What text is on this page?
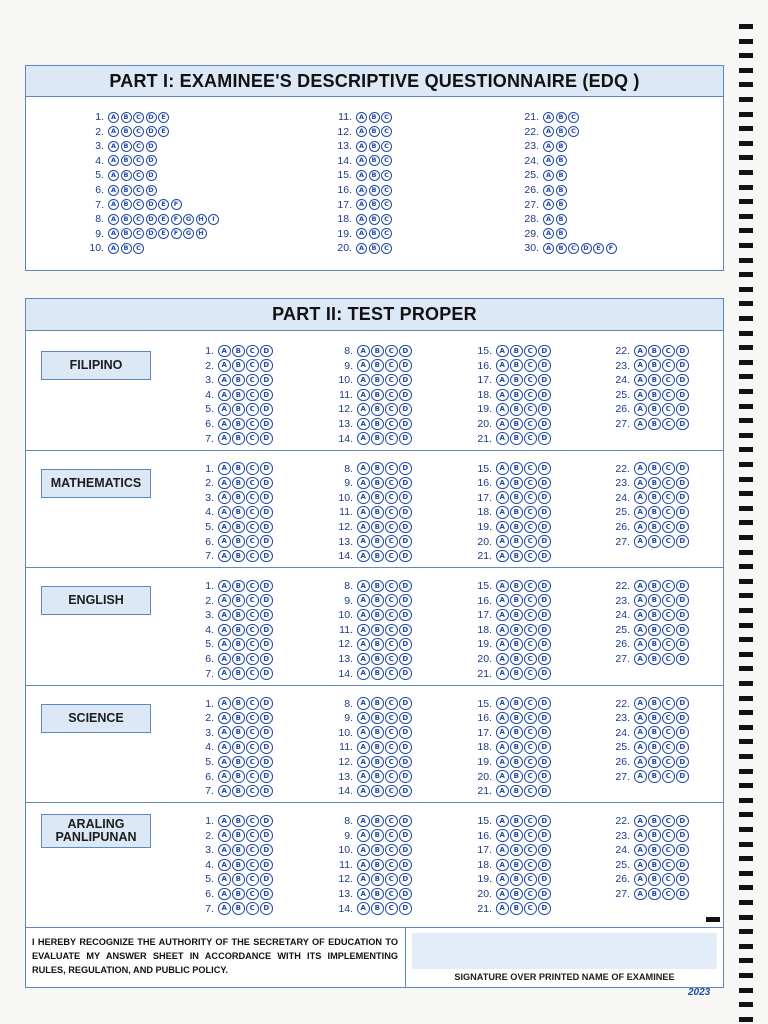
PART I: EXAMINEE'S DESCRIPTIVE QUESTIONNAIRE (EDQ )
1.	A	B	C	D	E
2.	A	B	C	D	E
3.	A	B	C	D
4.	A	B	C	D
5.	A	B	C	D
6.	A	B	C	D
7.	A	B	C	D	E	F
8.	A	B	C	D	E	F	G	H	I
9.	A	B	C	D	E	F	G	H
10.	A	B	C
11.	A	B	C
12.	A	B	C
13.	A	B	C
14.	A	B	C
15.	A	B	C
16.	A	B	C
17.	A	B	C
18.	A	B	C
19.	A	B	C
20.	A	B	C
21.	A	B	C
22.	A	B	C
23.	A	B
24.	A	B
25.	A	B
26.	A	B
27.	A	B
28.	A	B
29.	A	B
30.	A	B	C	D	E	F
PART II: TEST PROPER
FILIPINO
1.	A	B	C	D
2.	A	B	C	D
3.	A	B	C	D
4.	A	B	C	D
5.	A	B	C	D
6.	A	B	C	D
7.	A	B	C	D
8.	A	B	C	D
9.	A	B	C	D
10.	A	B	C	D
11.	A	B	C	D
12.	A	B	C	D
13.	A	B	C	D
14.	A	B	C	D
15.	A	B	C	D
16.	A	B	C	D
17.	A	B	C	D
18.	A	B	C	D
19.	A	B	C	D
20.	A	B	C	D
21.	A	B	C	D
22.	A	B	C	D
23.	A	B	C	D
24.	A	B	C	D
25.	A	B	C	D
26.	A	B	C	D
27.	A	B	C	D
MATHEMATICS
1.	A	B	C	D
2.	A	B	C	D
3.	A	B	C	D
4.	A	B	C	D
5.	A	B	C	D
6.	A	B	C	D
7.	A	B	C	D
8.	A	B	C	D
9.	A	B	C	D
10.	A	B	C	D
11.	A	B	C	D
12.	A	B	C	D
13.	A	B	C	D
14.	A	B	C	D
15.	A	B	C	D
16.	A	B	C	D
17.	A	B	C	D
18.	A	B	C	D
19.	A	B	C	D
20.	A	B	C	D
21.	A	B	C	D
22.	A	B	C	D
23.	A	B	C	D
24.	A	B	C	D
25.	A	B	C	D
26.	A	B	C	D
27.	A	B	C	D
ENGLISH
1.	A	B	C	D
2.	A	B	C	D
3.	A	B	C	D
4.	A	B	C	D
5.	A	B	C	D
6.	A	B	C	D
7.	A	B	C	D
8.	A	B	C	D
9.	A	B	C	D
10.	A	B	C	D
11.	A	B	C	D
12.	A	B	C	D
13.	A	B	C	D
14.	A	B	C	D
15.	A	B	C	D
16.	A	B	C	D
17.	A	B	C	D
18.	A	B	C	D
19.	A	B	C	D
20.	A	B	C	D
21.	A	B	C	D
22.	A	B	C	D
23.	A	B	C	D
24.	A	B	C	D
25.	A	B	C	D
26.	A	B	C	D
27.	A	B	C	D
SCIENCE
1.	A	B	C	D
2.	A	B	C	D
3.	A	B	C	D
4.	A	B	C	D
5.	A	B	C	D
6.	A	B	C	D
7.	A	B	C	D
8.	A	B	C	D
9.	A	B	C	D
10.	A	B	C	D
11.	A	B	C	D
12.	A	B	C	D
13.	A	B	C	D
14.	A	B	C	D
15.	A	B	C	D
16.	A	B	C	D
17.	A	B	C	D
18.	A	B	C	D
19.	A	B	C	D
20.	A	B	C	D
21.	A	B	C	D
22.	A	B	C	D
23.	A	B	C	D
24.	A	B	C	D
25.	A	B	C	D
26.	A	B	C	D
27.	A	B	C	D
ARALING
PANLIPUNAN
1.	A	B	C	D
2.	A	B	C	D
3.	A	B	C	D
4.	A	B	C	D
5.	A	B	C	D
6.	A	B	C	D
7.	A	B	C	D
8.	A	B	C	D
9.	A	B	C	D
10.	A	B	C	D
11.	A	B	C	D
12.	A	B	C	D
13.	A	B	C	D
14.	A	B	C	D
15.	A	B	C	D
16.	A	B	C	D
17.	A	B	C	D
18.	A	B	C	D
19.	A	B	C	D
20.	A	B	C	D
21.	A	B	C	D
22.	A	B	C	D
23.	A	B	C	D
24.	A	B	C	D
25.	A	B	C	D
26.	A	B	C	D
27.	A	B	C	D
I HEREBY RECOGNIZE THE AUTHORITY OF THE SECRETARY OF EDUCATION TO EVALUATE MY ANSWER SHEET IN ACCORDANCE WITH ITS IMPLEMENTING RULES, REGULATION, AND PUBLIC POLICY.
SIGNATURE OVER PRINTED NAME OF EXAMINEE
2023
